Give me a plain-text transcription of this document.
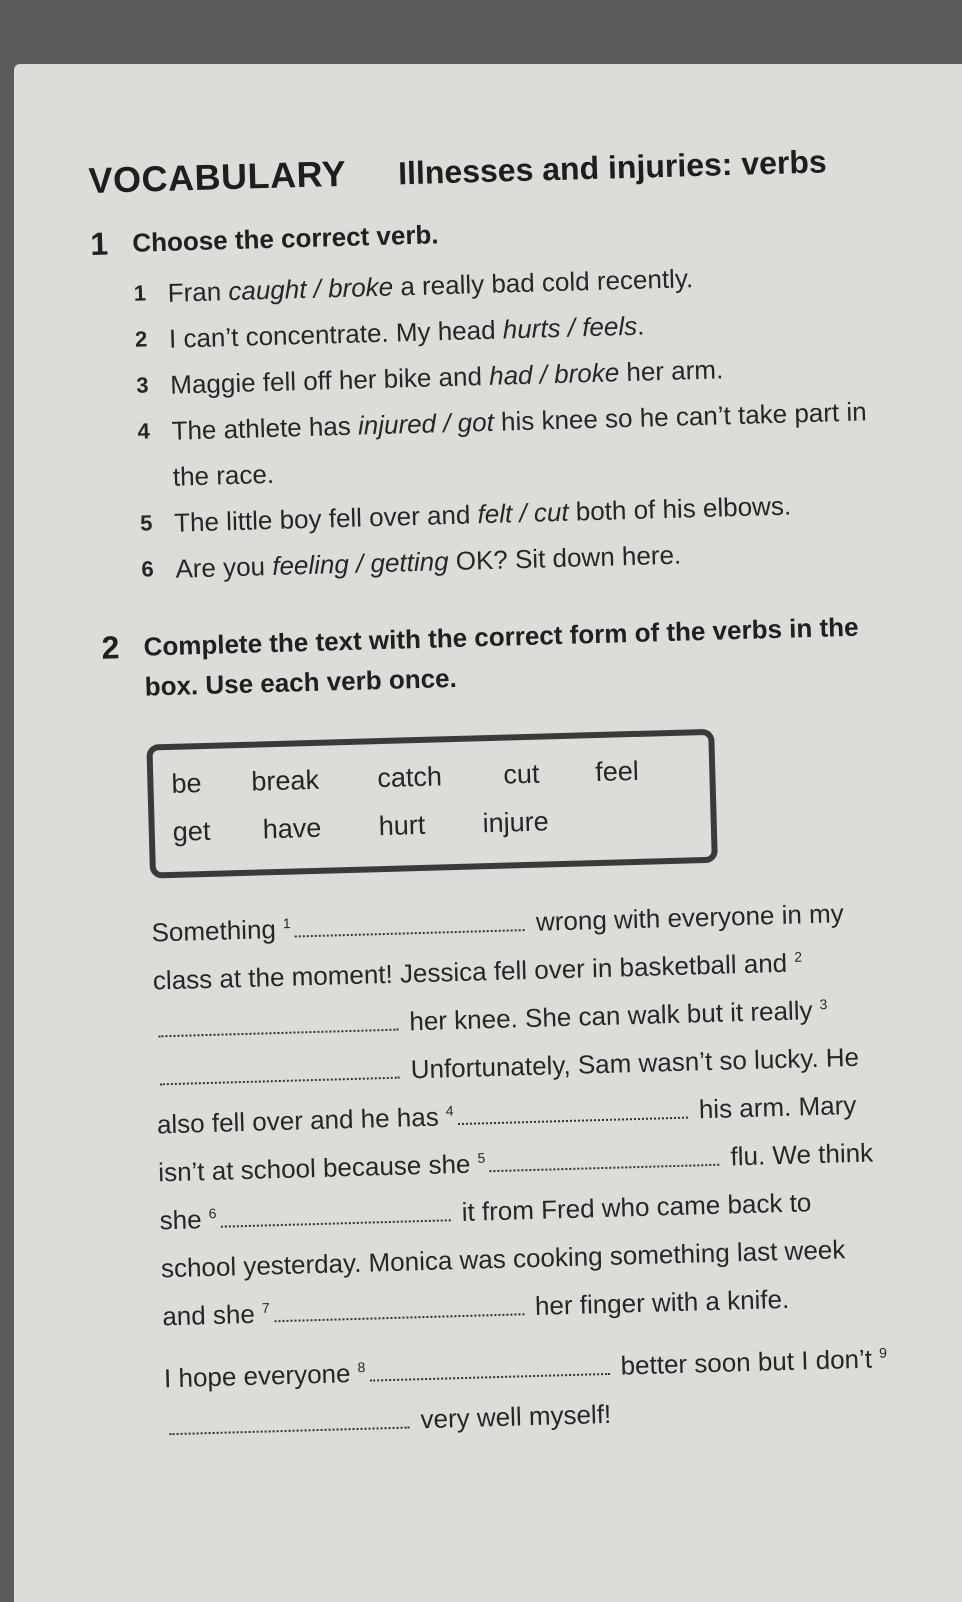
VOCABULARY Illnesses and injuries: verbs
1 Choose the correct verb.
1 Fran caught / broke a really bad cold recently.
2 I can’t concentrate. My head hurts / feels.
3 Maggie fell off her bike and had / broke her arm.
4 The athlete has injured / got his knee so he can’t take part in the race.
5 The little boy fell over and felt / cut both of his elbows.
6 Are you feeling / getting OK? Sit down here.
2 Complete the text with the correct form of the verbs in the box. Use each verb once.
be	break	catch	cut	feel
get	have	hurt	injure

Something $^1$	wrong with everyone in my class at the moment! Jessica fell over in basketball and $^2$ her knee. She can walk but it really $^3$ Unfortunately, Sam wasn’t so lucky. He also fell over and he has $^4$	his arm. Mary isn’t at school because she $^5$	flu. We think she $^6$	it from Fred who came back to school yesterday. Monica was cooking something last week and she $^7$	her finger with a knife.

I hope everyone $^8$	better soon but I don’t $^9$ very well myself!
